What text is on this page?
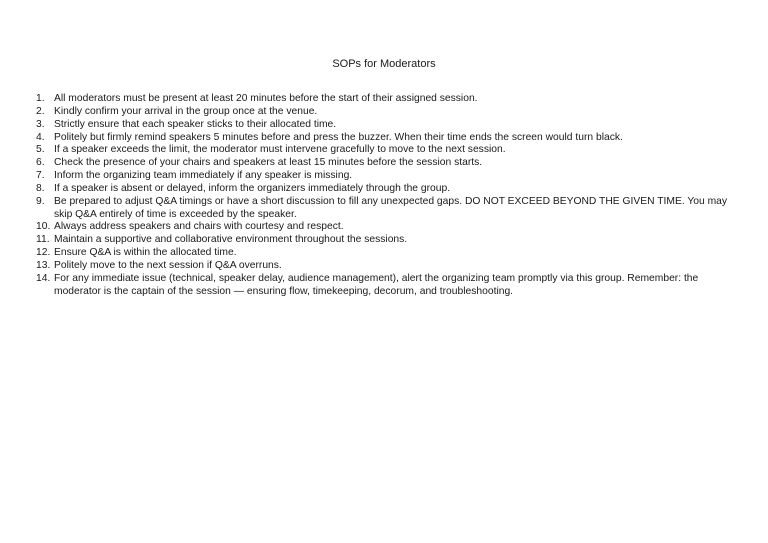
SOPs for Moderators
1. All moderators must be present at least 20 minutes before the start of their assigned session.
2. Kindly confirm your arrival in the group once at the venue.
3. Strictly ensure that each speaker sticks to their allocated time.
4. Politely but firmly remind speakers 5 minutes before and press the buzzer. When their time ends the screen would turn black.
5. If a speaker exceeds the limit, the moderator must intervene gracefully to move to the next session.
6. Check the presence of your chairs and speakers at least 15 minutes before the session starts.
7. Inform the organizing team immediately if any speaker is missing.
8. If a speaker is absent or delayed, inform the organizers immediately through the group.
9. Be prepared to adjust Q&A timings or have a short discussion to fill any unexpected gaps. DO NOT EXCEED BEYOND THE GIVEN TIME. You may skip Q&A entirely of time is exceeded by the speaker.
10. Always address speakers and chairs with courtesy and respect.
11. Maintain a supportive and collaborative environment throughout the sessions.
12. Ensure Q&A is within the allocated time.
13. Politely move to the next session if Q&A overruns.
14. For any immediate issue (technical, speaker delay, audience management), alert the organizing team promptly via this group. Remember: the moderator is the captain of the session — ensuring flow, timekeeping, decorum, and troubleshooting.
